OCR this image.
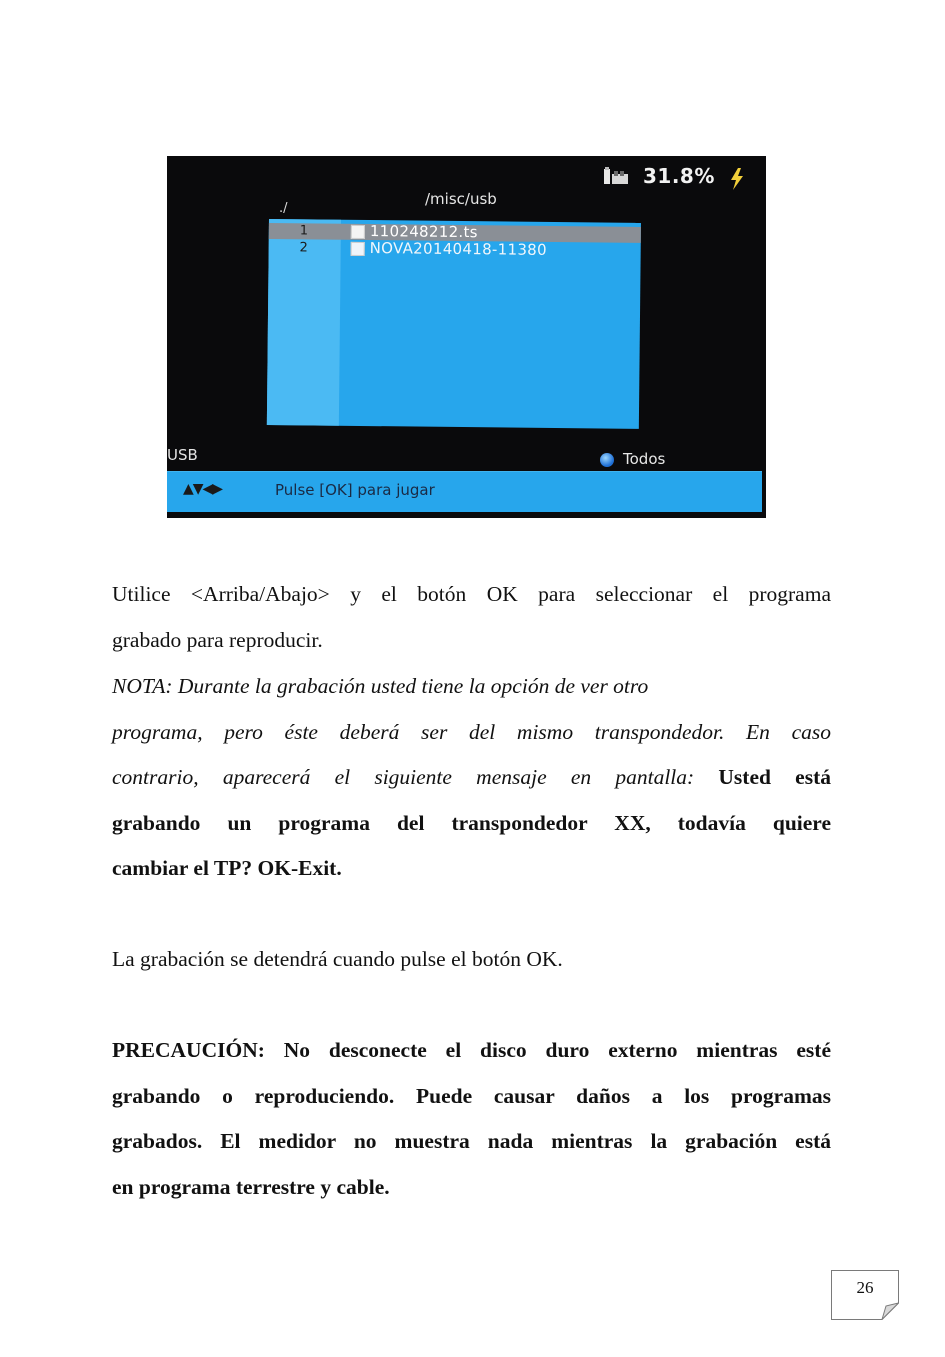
31.8%
/misc/usb
./
1	110248212.ts
2	NOVA20140418-11380
USB	Todos
▲▼◀▶	Pulse [OK] para jugar
Utilice <Arriba/Abajo> y el botón OK para seleccionar el programa
grabado para reproducir.
NOTA: Durante la grabación usted tiene la opción de ver otro
programa, pero éste deberá ser del mismo transpondedor. En caso
contrario, aparecerá el siguiente mensaje en pantalla: Usted está
grabando un programa del transpondedor XX, todavía quiere
cambiar el TP? OK-Exit.
La grabación se detendrá cuando pulse el botón OK.
PRECAUCIÓN: No desconecte el disco duro externo mientras esté
grabando o reproduciendo. Puede causar daños a los programas
grabados. El medidor no muestra nada mientras la grabación está
en programa terrestre y cable.
26
